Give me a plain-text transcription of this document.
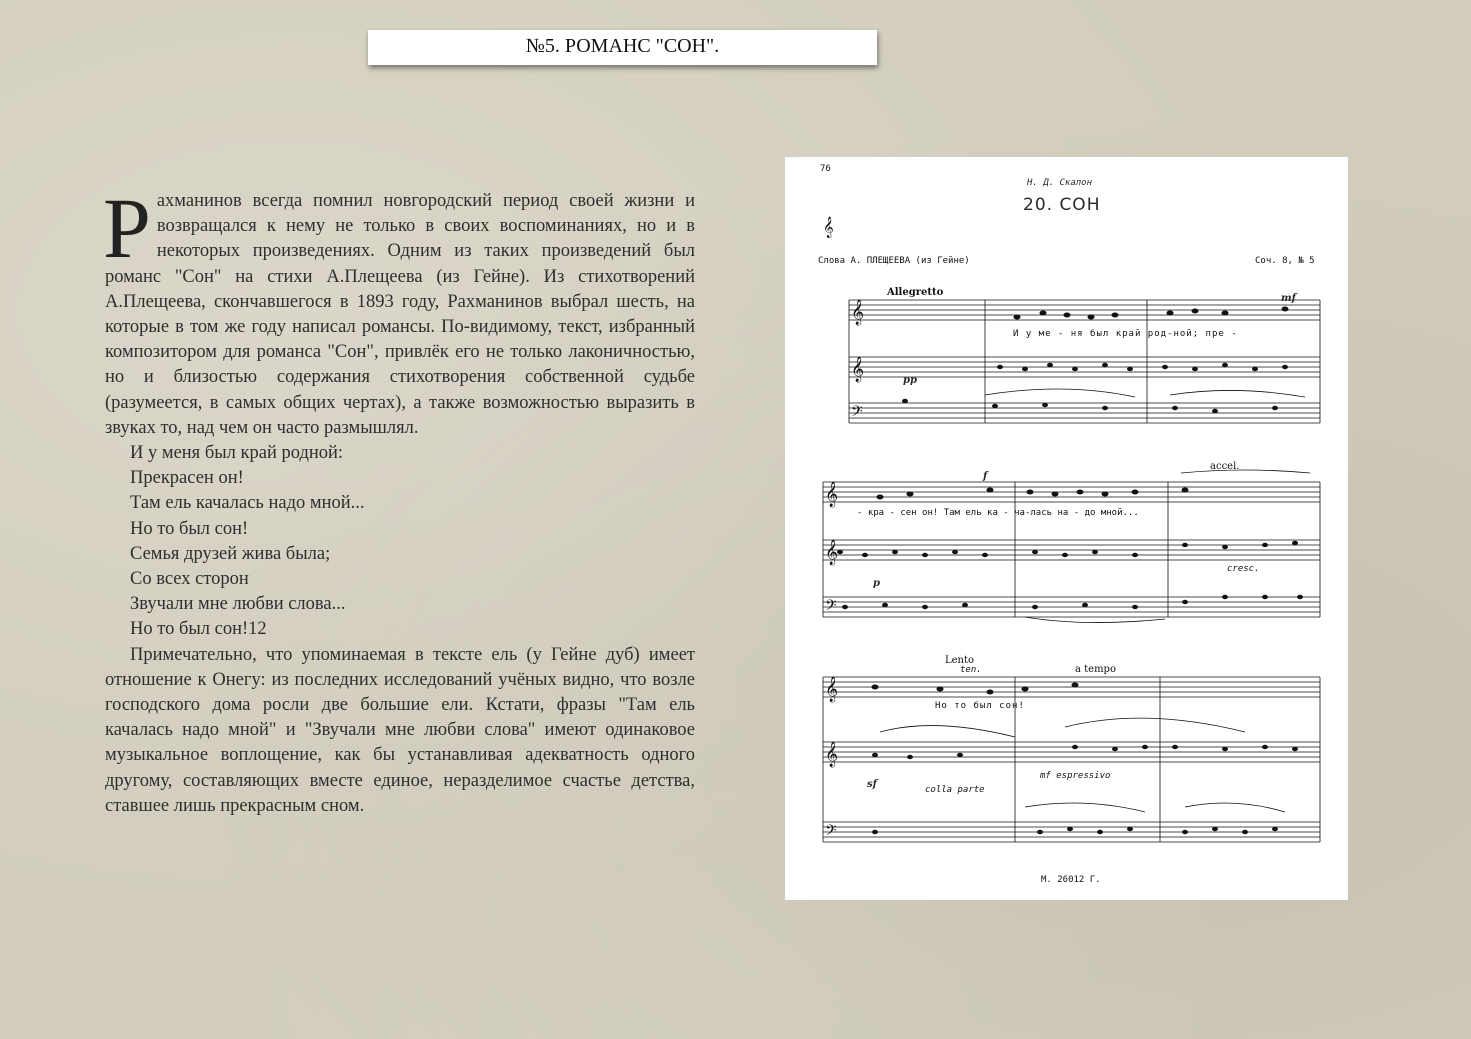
№5. РОМАНС "СОН".

Рахманинов всегда помнил новгородский период своей жизни и возвращался к нему не только в своих воспоминаниях, но и в некоторых произведениях. Одним из таких произведений был романс "Сон" на стихи А.Плещеева (из Гейне). Из стихотворений А.Плещеева, скончавшегося в 1893 году, Рахманинов выбрал шесть, на которые в том же году написал романсы. По-видимому, текст, избранный композитором для романса "Сон", привлёк его не только лаконичностью, но и близостью содержания стихотворения собственной судьбе (разумеется, в самых общих чертах), а также возможностью выразить в звуках то, над чем он часто размышлял.

И у меня был край родной:
Прекрасен он!
Там ель качалась надо мной...
Но то был сон!
Семья друзей жива была;
Со всех сторон
Звучали мне любви слова...
Но то был сон!12

Примечательно, что упоминаемая в тексте ель (у Гейне дуб) имеет отношение к Онегу: из последних исследований учёных видно, что возле господского дома росли две большие ели. Кстати, фразы "Там ель качалась надо мной" и "Звучали мне любви слова" имеют одинаковое музыкальное воплощение, как бы устанавливая адекватность одного другому, составляющих вместе единое, неразделимое счастье детства, ставшее лишь прекрасным сном.

𝄞
𝄞
𝄢
𝄞
𝄞
𝄢
𝄞
𝄞
𝄢
𝄞
76
Н. Д. Скалон
20. СОН
Слова А. ПЛЕЩЕЕВА (из Гейне)	Соч. 8, № 5
Allegretto
И у ме - ня был край род-ной; пре -
pp
mf
accel.
- кра - сен он! Там ель ка - ча-лась на - до мной...
f
p
cresc.
Lento
ten.	a tempo
Но то был сон!
sf	colla parte
mf espressivo
М. 26012 Г.
